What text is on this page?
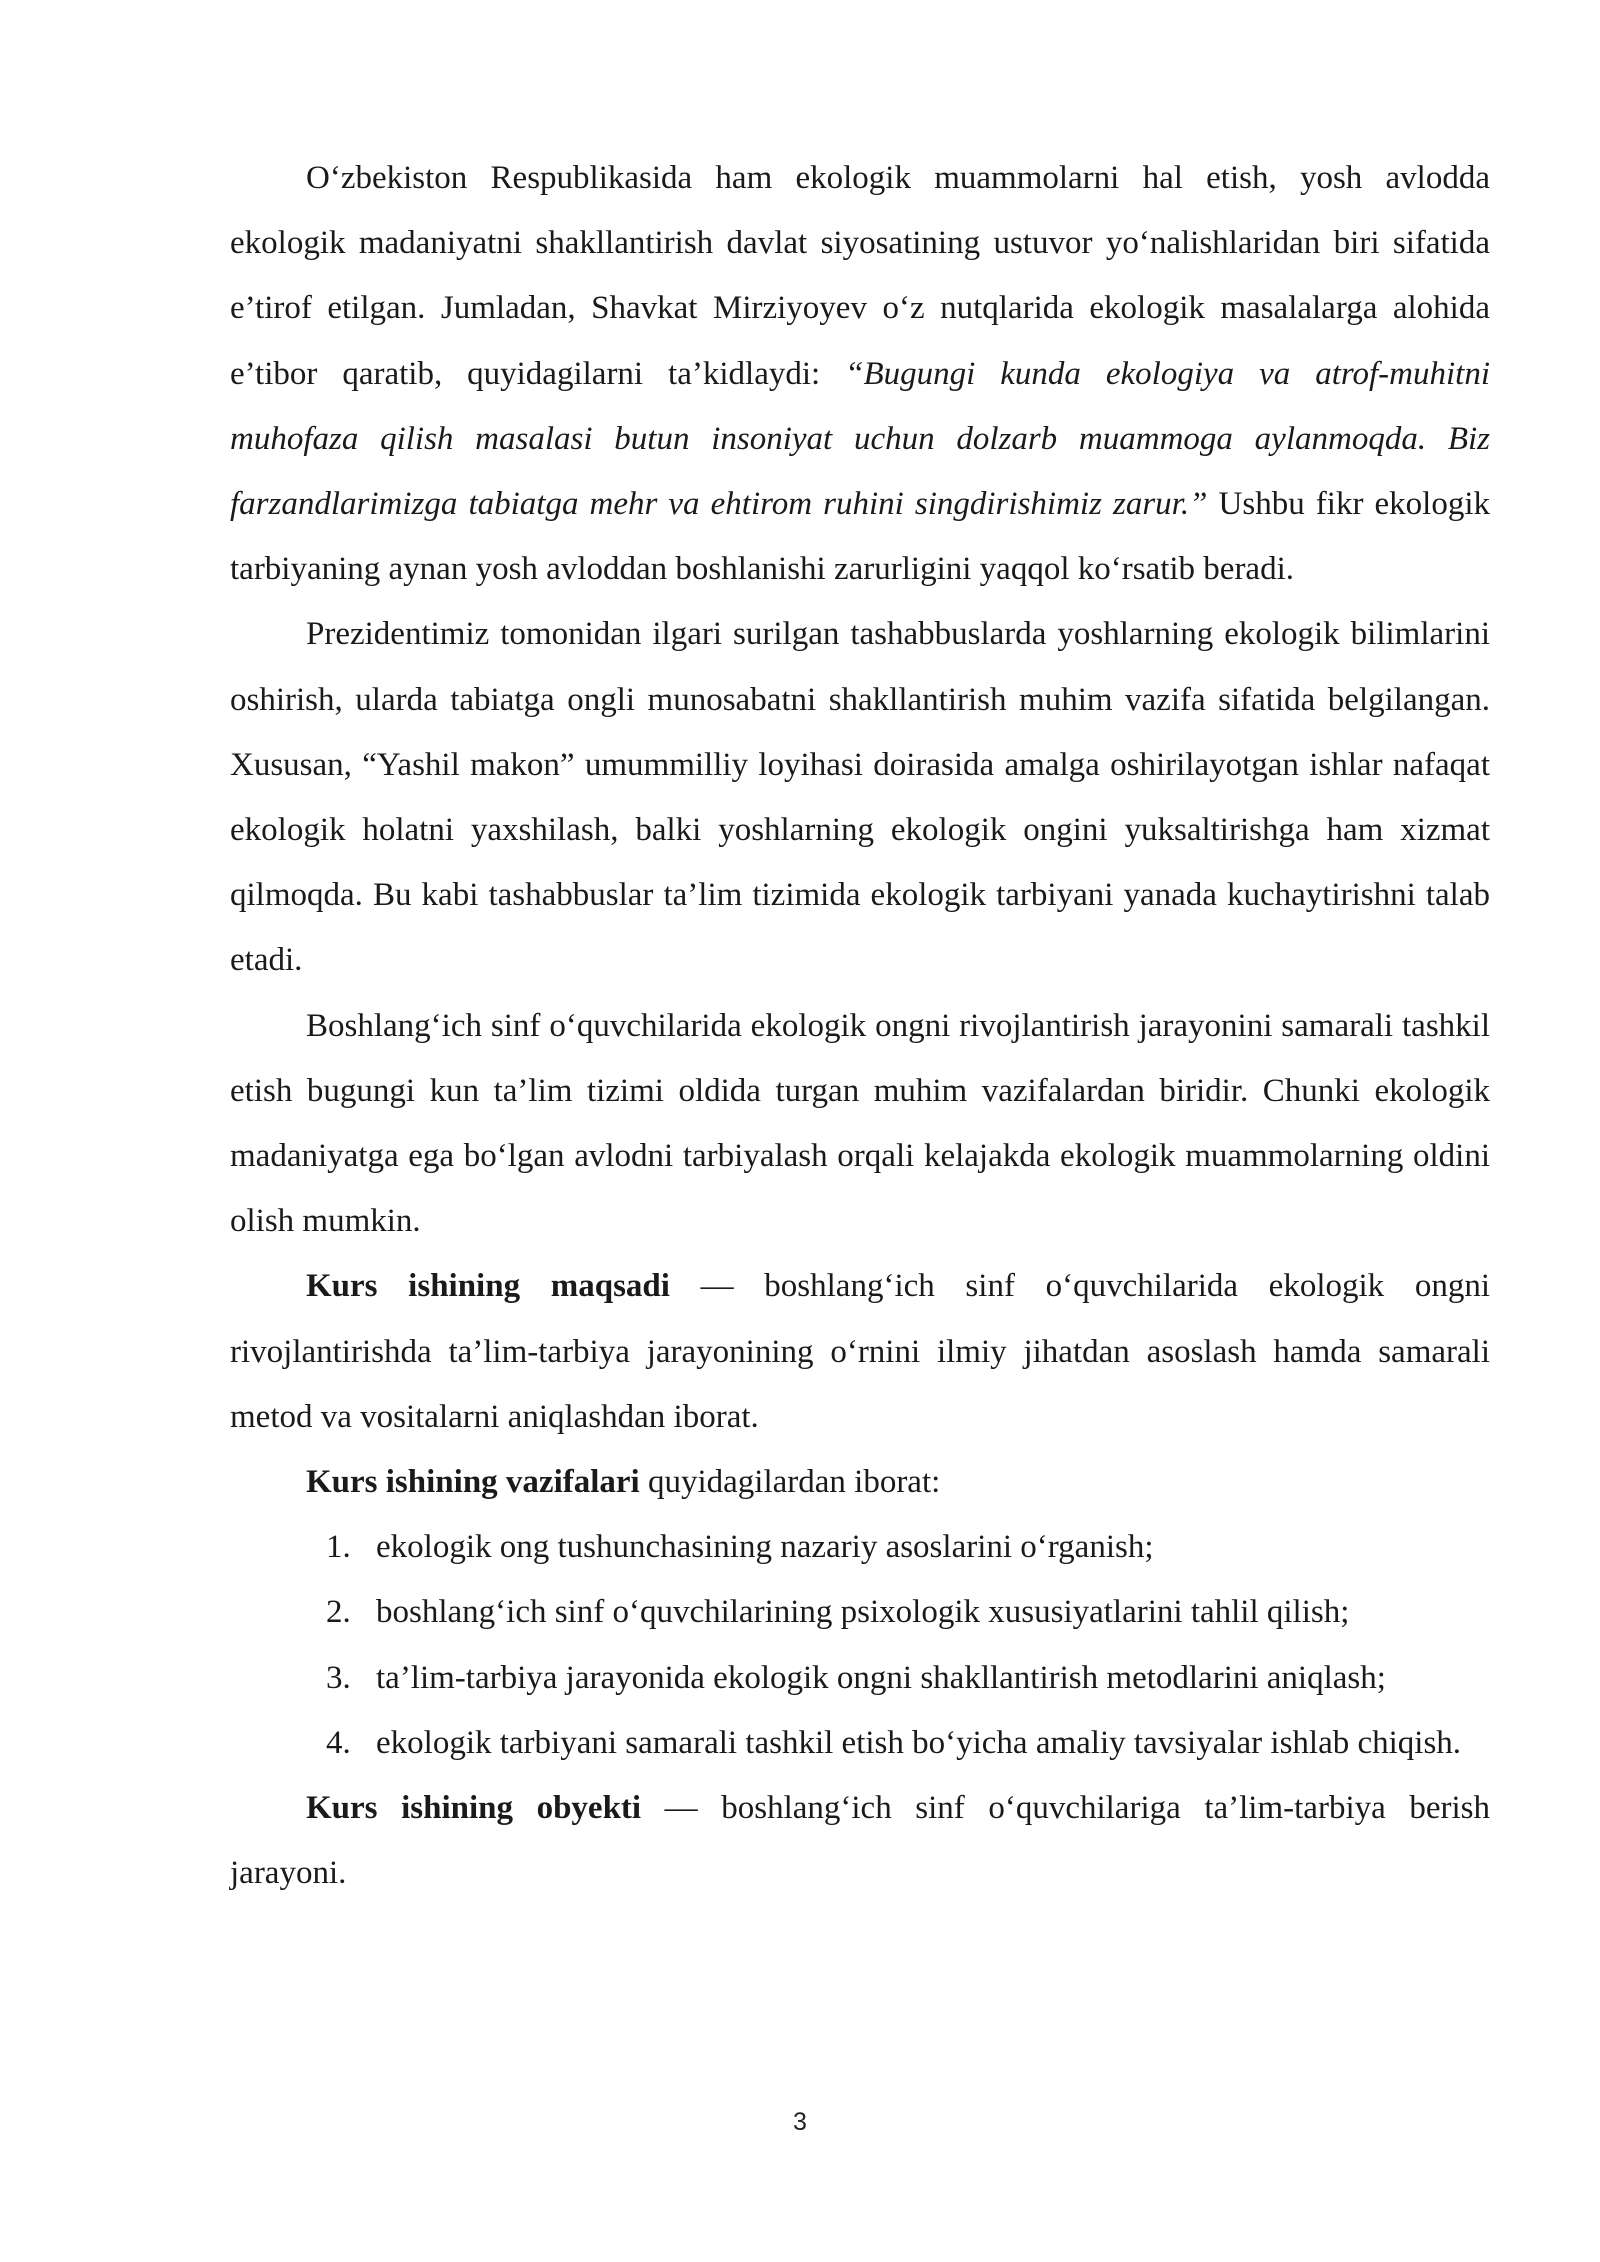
O‘zbekiston Respublikasida ham ekologik muammolarni hal etish, yosh avlodda ekologik madaniyatni shakllantirish davlat siyosatining ustuvor yo‘nalishlaridan biri sifatida e’tirof etilgan. Jumladan, Shavkat Mirziyoyev o‘z nutqlarida ekologik masalalarga alohida e’tibor qaratib, quyidagilarni ta’kidlaydi: “Bugungi kunda ekologiya va atrof-muhitni muhofaza qilish masalasi butun insoniyat uchun dolzarb muammoga aylanmoqda. Biz farzandlarimizga tabiatga mehr va ehtirom ruhini singdirishimiz zarur.” Ushbu fikr ekologik tarbiyaning aynan yosh avloddan boshlanishi zarurligini yaqqol ko‘rsatib beradi.

Prezidentimiz tomonidan ilgari surilgan tashabbuslarda yoshlarning ekologik bilimlarini oshirish, ularda tabiatga ongli munosabatni shakllantirish muhim vazifa sifatida belgilangan. Xususan, “Yashil makon” umummilliy loyihasi doirasida amalga oshirilayotgan ishlar nafaqat ekologik holatni yaxshilash, balki yoshlarning ekologik ongini yuksaltirishga ham xizmat qilmoqda. Bu kabi tashabbuslar ta’lim tizimida ekologik tarbiyani yanada kuchaytirishni talab etadi.

Boshlang‘ich sinf o‘quvchilarida ekologik ongni rivojlantirish jarayonini samarali tashkil etish bugungi kun ta’lim tizimi oldida turgan muhim vazifalardan biridir. Chunki ekologik madaniyatga ega bo‘lgan avlodni tarbiyalash orqali kelajakda ekologik muammolarning oldini olish mumkin.

Kurs ishining maqsadi — boshlang‘ich sinf o‘quvchilarida ekologik ongni rivojlantirishda ta’lim-tarbiya jarayonining o‘rnini ilmiy jihatdan asoslash hamda samarali metod va vositalarni aniqlashdan iborat.

Kurs ishining vazifalari quyidagilardan iborat:

1. ekologik ong tushunchasining nazariy asoslarini o‘rganish;
2. boshlang‘ich sinf o‘quvchilarining psixologik xususiyatlarini tahlil qilish;
3. ta’lim-tarbiya jarayonida ekologik ongni shakllantirish metodlarini aniqlash;
4. ekologik tarbiyani samarali tashkil etish bo‘yicha amaliy tavsiyalar ishlab chiqish.

Kurs ishining obyekti — boshlang‘ich sinf o‘quvchilariga ta’lim-tarbiya berish jarayoni.

3
